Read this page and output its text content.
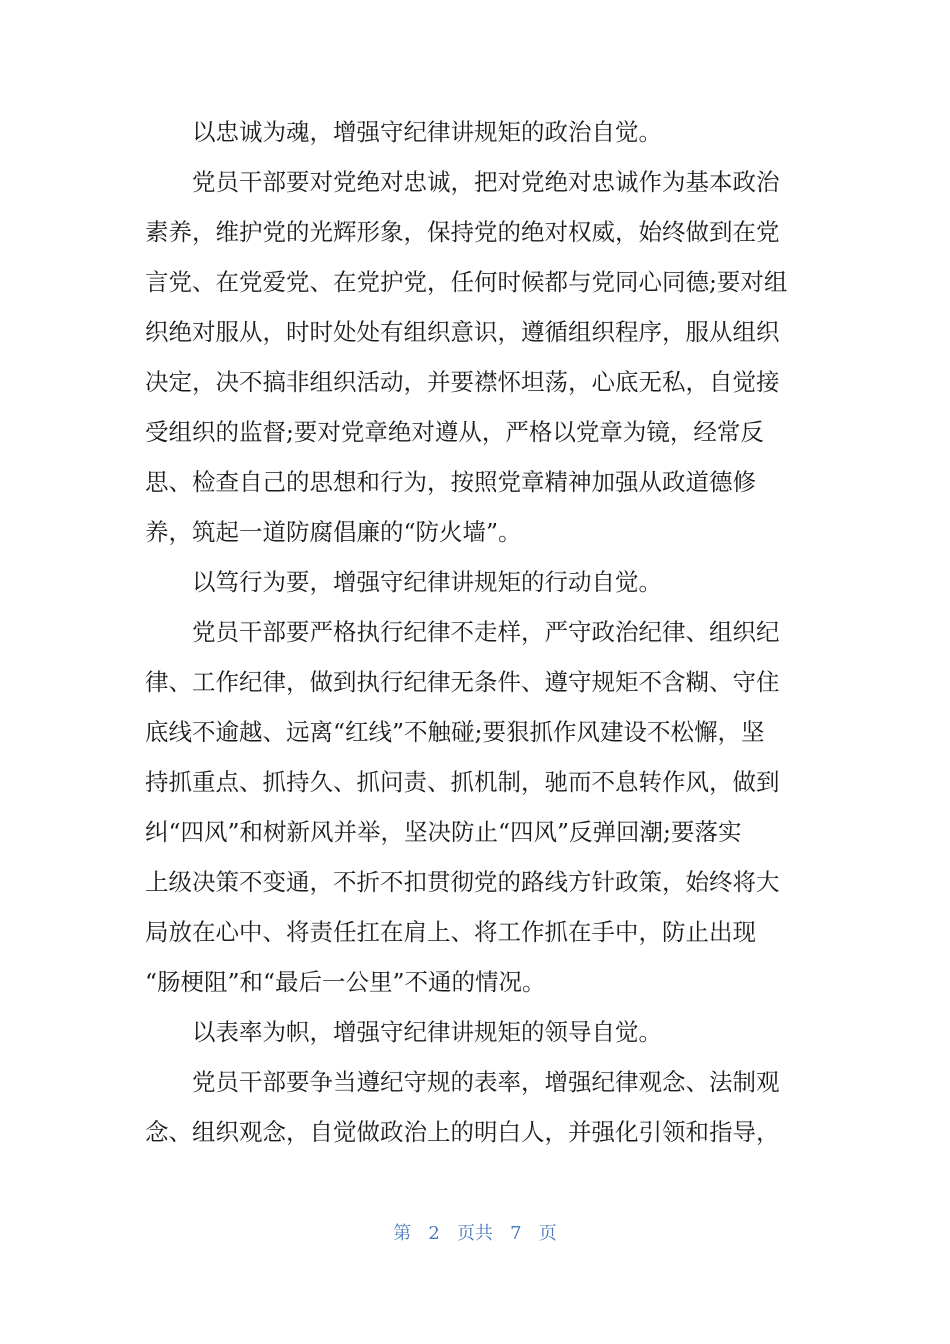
　　以忠诚为魂，增强守纪律讲规矩的政治自觉。
　　党员干部要对党绝对忠诚，把对党绝对忠诚作为基本政治
素养，维护党的光辉形象，保持党的绝对权威，始终做到在党
言党、在党爱党、在党护党，任何时候都与党同心同德;要对组
织绝对服从，时时处处有组织意识，遵循组织程序，服从组织
决定，决不搞非组织活动，并要襟怀坦荡，心底无私，自觉接
受组织的监督;要对党章绝对遵从，严格以党章为镜，经常反
思、检查自己的思想和行为，按照党章精神加强从政道德修
养，筑起一道防腐倡廉的“防火墙”。
　　以笃行为要，增强守纪律讲规矩的行动自觉。
　　党员干部要严格执行纪律不走样，严守政治纪律、组织纪
律、工作纪律，做到执行纪律无条件、遵守规矩不含糊、守住
底线不逾越、远离“红线”不触碰;要狠抓作风建设不松懈，坚
持抓重点、抓持久、抓问责、抓机制，驰而不息转作风，做到
纠“四风”和树新风并举，坚决防止“四风”反弹回潮;要落实
上级决策不变通，不折不扣贯彻党的路线方针政策，始终将大
局放在心中、将责任扛在肩上、将工作抓在手中，防止出现
“肠梗阻”和“最后一公里”不通的情况。
　　以表率为帜，增强守纪律讲规矩的领导自觉。
　　党员干部要争当遵纪守规的表率，增强纪律观念、法制观
念、组织观念，自觉做政治上的明白人，并强化引领和指导，
第 2 页共 7 页
